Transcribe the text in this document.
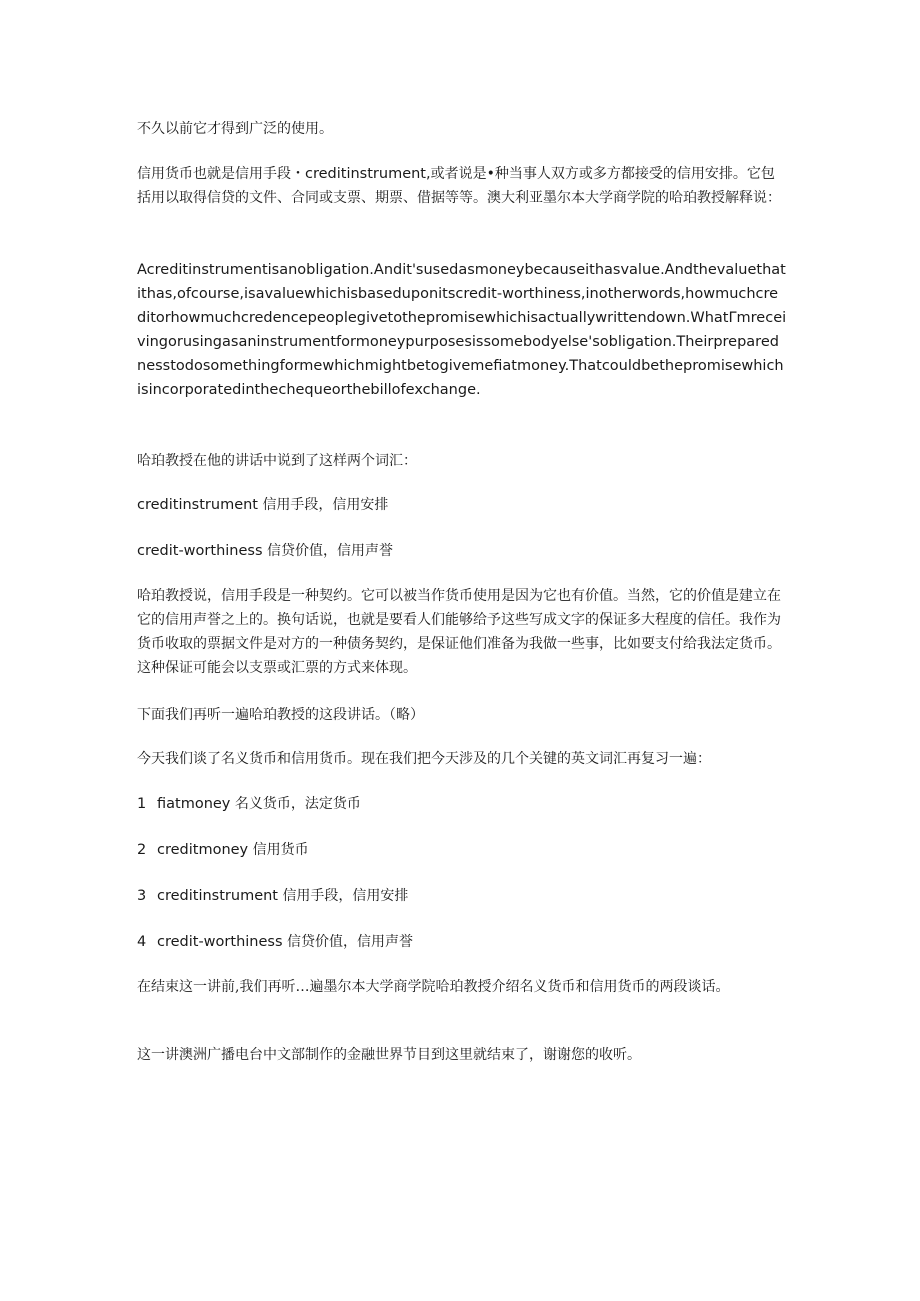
不久以前它才得到广泛的使用。

信用货币也就是信用手段・creditinstrument,或者说是•种当事人双方或多方都接受的信用安排。它包括用以取得信贷的文件、合同或支票、期票、借据等等。澳大利亚墨尔本大学商学院的哈珀教授解释说：

Acreditinstrumentisanobligation.Andit'susedasmoneybecauseithasvalue.Andthevaluethatithas,ofcourse,isavaluewhichisbaseduponitscredit-worthiness,inotherwords,howmuchcreditorhowmuchcredencepeoplegivetothepromisewhichisactuallywrittendown.WhatΓmreceivingorusingasaninstrumentformoneypurposesissomebodyelse'sobligation.Theirpreparednesstodosomethingformewhichmightbetogivemefiatmoney.Thatcouldbethepromisewhichisincorporatedinthechequeorthebillofexchange.

哈珀教授在他的讲话中说到了这样两个词汇：

creditinstrument 信用手段，信用安排

credit-worthiness 信贷价值，信用声誉

哈珀教授说，信用手段是一种契约。它可以被当作货币使用是因为它也有价值。当然，它的价值是建立在它的信用声誉之上的。换句话说，也就是要看人们能够给予这些写成文字的保证多大程度的信任。我作为货币收取的票据文件是对方的一种债务契约，是保证他们准备为我做一些事，比如要支付给我法定货币。这种保证可能会以支票或汇票的方式来体现。

下面我们再听一遍哈珀教授的这段讲话。（略）

今天我们谈了名义货币和信用货币。现在我们把今天涉及的几个关键的英文词汇再复习一遍：

1 fiatmoney 名义货币，法定货币

2 creditmoney 信用货币

3 creditinstrument 信用手段，信用安排

4 credit-worthiness 信贷价值，信用声誉

在结束这一讲前,我们再听…遍墨尔本大学商学院哈珀教授介绍名义货币和信用货币的两段谈话。

这一讲澳洲广播电台中文部制作的金融世界节目到这里就结束了，谢谢您的收听。
